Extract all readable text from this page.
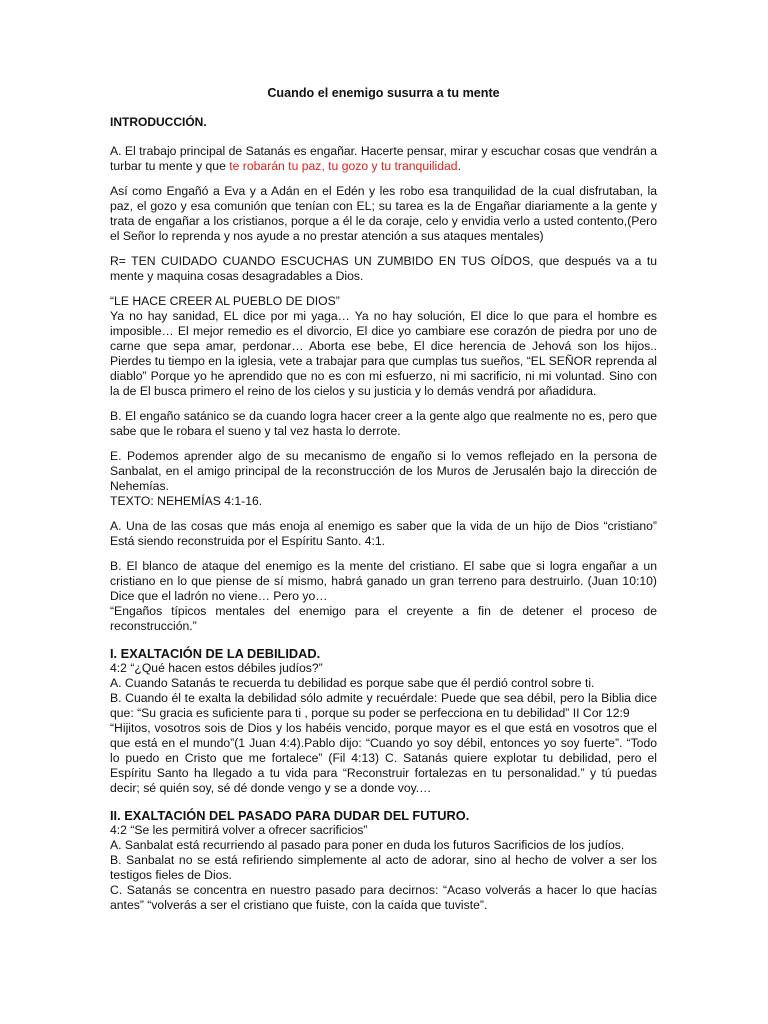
Cuando el enemigo susurra a tu mente
INTRODUCCIÓN.

A. El trabajo principal de Satanás es engañar. Hacerte pensar, mirar y escuchar cosas que vendrán a turbar tu mente y que te robarán tu paz, tu gozo y tu tranquilidad.

Así como Engañó a Eva y a Adán en el Edén y les robo esa tranquilidad de la cual disfrutaban, la paz, el gozo y esa comunión que tenían con EL; su tarea es la de Engañar diariamente a la gente y trata de engañar a los cristianos, porque a él le da coraje, celo y envidia verlo a usted contento,(Pero el Señor lo reprenda y nos ayude a no prestar atención a sus ataques mentales)

R= TEN CUIDADO CUANDO ESCUCHAS UN ZUMBIDO EN TUS OÍDOS, que después va a tu mente y maquina cosas desagradables a Dios.

“LE HACE CREER AL PUEBLO DE DIOS”

Ya no hay sanidad, EL dice por mi yaga… Ya no hay solución, El dice lo que para el hombre es imposible… El mejor remedio es el divorcio, El dice yo cambiare ese corazón de piedra por uno de carne que sepa amar, perdonar… Aborta ese bebe, El dice herencia de Jehová son los hijos.. Pierdes tu tiempo en la iglesia, vete a trabajar para que cumplas tus sueños, “EL SEÑOR reprenda al diablo” Porque yo he aprendido que no es con mi esfuerzo, ni mi sacrificio, ni mi voluntad. Sino con la de El busca primero el reino de los cielos y su justicia y lo demás vendrá por añadidura.

B. El engaño satánico se da cuando logra hacer creer a la gente algo que realmente no es, pero que sabe que le robara el sueno y tal vez hasta lo derrote.

E. Podemos aprender algo de su mecanismo de engaño si lo vemos reflejado en la persona de Sanbalat, en el amigo principal de la reconstrucción de los Muros de Jerusalén bajo la dirección de Nehemías.

TEXTO: NEHEMÍAS 4:1-16.

A. Una de las cosas que más enoja al enemigo es saber que la vida de un hijo de Dios “cristiano” Está siendo reconstruida por el Espíritu Santo. 4:1.

B. El blanco de ataque del enemigo es la mente del cristiano. El sabe que si logra engañar a un cristiano en lo que piense de sí mismo, habrá ganado un gran terreno para destruirlo. (Juan 10:10) Dice que el ladrón no viene… Pero yo…

“Engaños típicos mentales del enemigo para el creyente a fin de detener el proceso de reconstrucción.”

I. EXALTACIÓN DE LA DEBILIDAD.

4:2 “¿Qué hacen estos débiles judíos?”

A. Cuando Satanás te recuerda tu debilidad es porque sabe que él perdió control sobre ti.

B. Cuando él te exalta la debilidad sólo admite y recuérdale: Puede que sea débil, pero la Biblia dice que: “Su gracia es suficiente para ti , porque su poder se perfecciona en tu debilidad” II Cor 12:9

“Hijitos, vosotros sois de Dios y los habéis vencido, porque mayor es el que está en vosotros que el que está en el mundo”(1 Juan 4:4).Pablo dijo: “Cuando yo soy débil, entonces yo soy fuerte”. “Todo lo puedo en Cristo que me fortalece” (Fil 4:13) C. Satanás quiere explotar tu debilidad, pero el Espíritu Santo ha llegado a tu vida para “Reconstruir fortalezas en tu personalidad.” y tú puedas decir; sé quién soy, sé dé donde vengo y se a donde voy.…

II. EXALTACIÓN DEL PASADO PARA DUDAR DEL FUTURO.

4:2 “Se les permitirá volver a ofrecer sacrificios”

A. Sanbalat está recurriendo al pasado para poner en duda los futuros Sacrificios de los judíos.

B. Sanbalat no se está refiriendo simplemente al acto de adorar, sino al hecho de volver a ser los testigos fieles de Dios.

C. Satanás se concentra en nuestro pasado para decirnos: “Acaso volverás a hacer lo que hacías antes” “volverás a ser el cristiano que fuiste, con la caída que tuviste”.
